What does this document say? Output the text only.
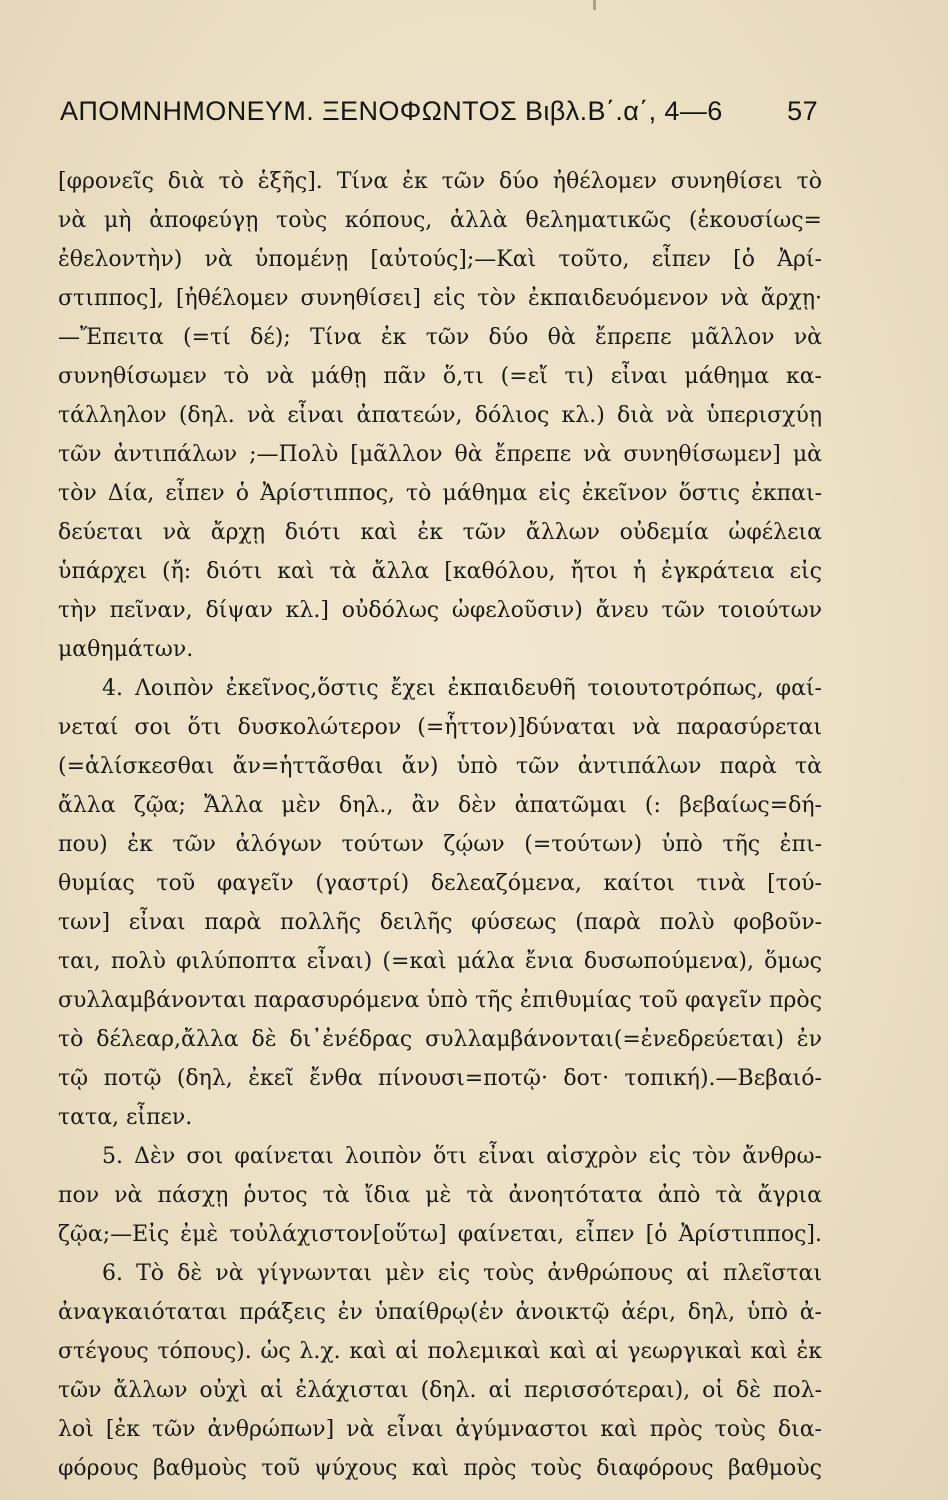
ΑΠΟΜΝΗΜΟΝΕΥΜ. ΞΕΝΟΦΩΝΤΟΣ Βιβλ.Β΄.α΄, 4—6 57
[φρονεῖς διὰ τὸ ἑξῆς]. Τίνα ἐκ τῶν δύο ἠθέλομεν συνηθίσει τὸ
νὰ μὴ ἀποφεύγῃ τοὺς κόπους, ἀλλὰ θεληματικῶς (ἑκουσίως=
ἐθελοντὴν) νὰ ὑπομένῃ [αὐτούς];—Καὶ τοῦτο, εἶπεν [ὁ Ἀρί-
στιππος], [ἠθέλομεν συνηθίσει] εἰς τὸν ἐκπαιδευόμενον νὰ ἄρχῃ·
—Ἔπειτα (=τί δέ); Τίνα ἐκ τῶν δύο θὰ ἔπρεπε μᾶλλον νὰ
συνηθίσωμεν τὸ νὰ μάθῃ πᾶν ὅ,τι (=εἴ τι) εἶναι μάθημα κα-
τάλληλον (δηλ. νὰ εἶναι ἀπατεών, δόλιος κλ.) διὰ νὰ ὑπερισχύῃ
τῶν ἀντιπάλων ;—Πολὺ [μᾶλλον θὰ ἔπρεπε νὰ συνηθίσωμεν] μὰ
τὸν Δία, εἶπεν ὁ Ἀρίστιππος, τὸ μάθημα εἰς ἐκεῖνον ὅστις ἐκπαι-
δεύεται νὰ ἄρχῃ διότι καὶ ἐκ τῶν ἄλλων οὐδεμία ὠφέλεια
ὑπάρχει (ἤ: διότι καὶ τὰ ἄλλα [καθόλου, ἤτοι ἡ ἐγκράτεια εἰς
τὴν πεῖναν, δίψαν κλ.] οὐδόλως ὠφελοῦσιν) ἄνευ τῶν τοιούτων
μαθημάτων.
4. Λοιπὸν ἐκεῖνος,ὅστις ἔχει ἐκπαιδευθῆ τοιουτοτρόπως, φαί-
νεταί σοι ὅτι δυσκολώτερον (=ἧττον)]δύναται νὰ παρασύρεται
(=ἁλίσκεσθαι ἄν=ἡττᾶσθαι ἄν) ὑπὸ τῶν ἀντιπάλων παρὰ τὰ
ἄλλα ζῷα; Ἄλλα μὲν δηλ., ἂν δὲν ἀπατῶμαι (: βεβαίως=δή-
που) ἐκ τῶν ἀλόγων τούτων ζῴων (=τούτων) ὑπὸ τῆς ἐπι-
θυμίας τοῦ φαγεῖν (γαστρί) δελεαζόμενα, καίτοι τινὰ [τού-
των] εἶναι παρὰ πολλῆς δειλῆς φύσεως (παρὰ πολὺ φοβοῦν-
ται, πολὺ φιλύποπτα εἶναι) (=καὶ μάλα ἔνια δυσωπούμενα), ὅμως
συλλαμβάνονται παρασυρόμενα ὑπὸ τῆς ἐπιθυμίας τοῦ φαγεῖν πρὸς
τὸ δέλεαρ,ἄλλα δὲ δι᾽ἐνέδρας συλλαμβάνονται(=ἐνεδρεύεται) ἐν
τῷ ποτῷ (δηλ, ἐκεῖ ἔνθα πίνουσι=ποτῷ· δοτ· τοπική).—Βεβαιό-
τατα, εἶπεν.
5. Δὲν σοι φαίνεται λοιπὸν ὅτι εἶναι αἰσχρὸν εἰς τὸν ἄνθρω-
πον νὰ πάσχῃ ῥυτος τὰ ἴδια μὲ τὰ ἀνοητότατα ἀπὸ τὰ ἄγρια
ζῷα;—Εἰς ἐμὲ τοὐλάχιστον[οὕτω] φαίνεται, εἶπεν [ὁ Ἀρίστιππος].
6. Τὸ δὲ νὰ γίγνωνται μὲν εἰς τοὺς ἀνθρώπους αἱ πλεῖσται
ἀναγκαιόταται πράξεις ἐν ὑπαίθρῳ(ἐν ἀνοικτῷ ἀέρι, δηλ, ὑπὸ ἀ-
στέγους τόπους). ὡς λ.χ. καὶ αἱ πολεμικαὶ καὶ αἱ γεωργικαὶ καὶ ἐκ
τῶν ἄλλων οὐχὶ αἱ ἐλάχισται (δηλ. αἱ περισσότεραι), οἱ δὲ πολ-
λοὶ [ἐκ τῶν ἀνθρώπων] νὰ εἶναι ἀγύμναστοι καὶ πρὸς τοὺς δια-
φόρους βαθμοὺς τοῦ ψύχους καὶ πρὸς τοὺς διαφόρους βαθμοὺς
